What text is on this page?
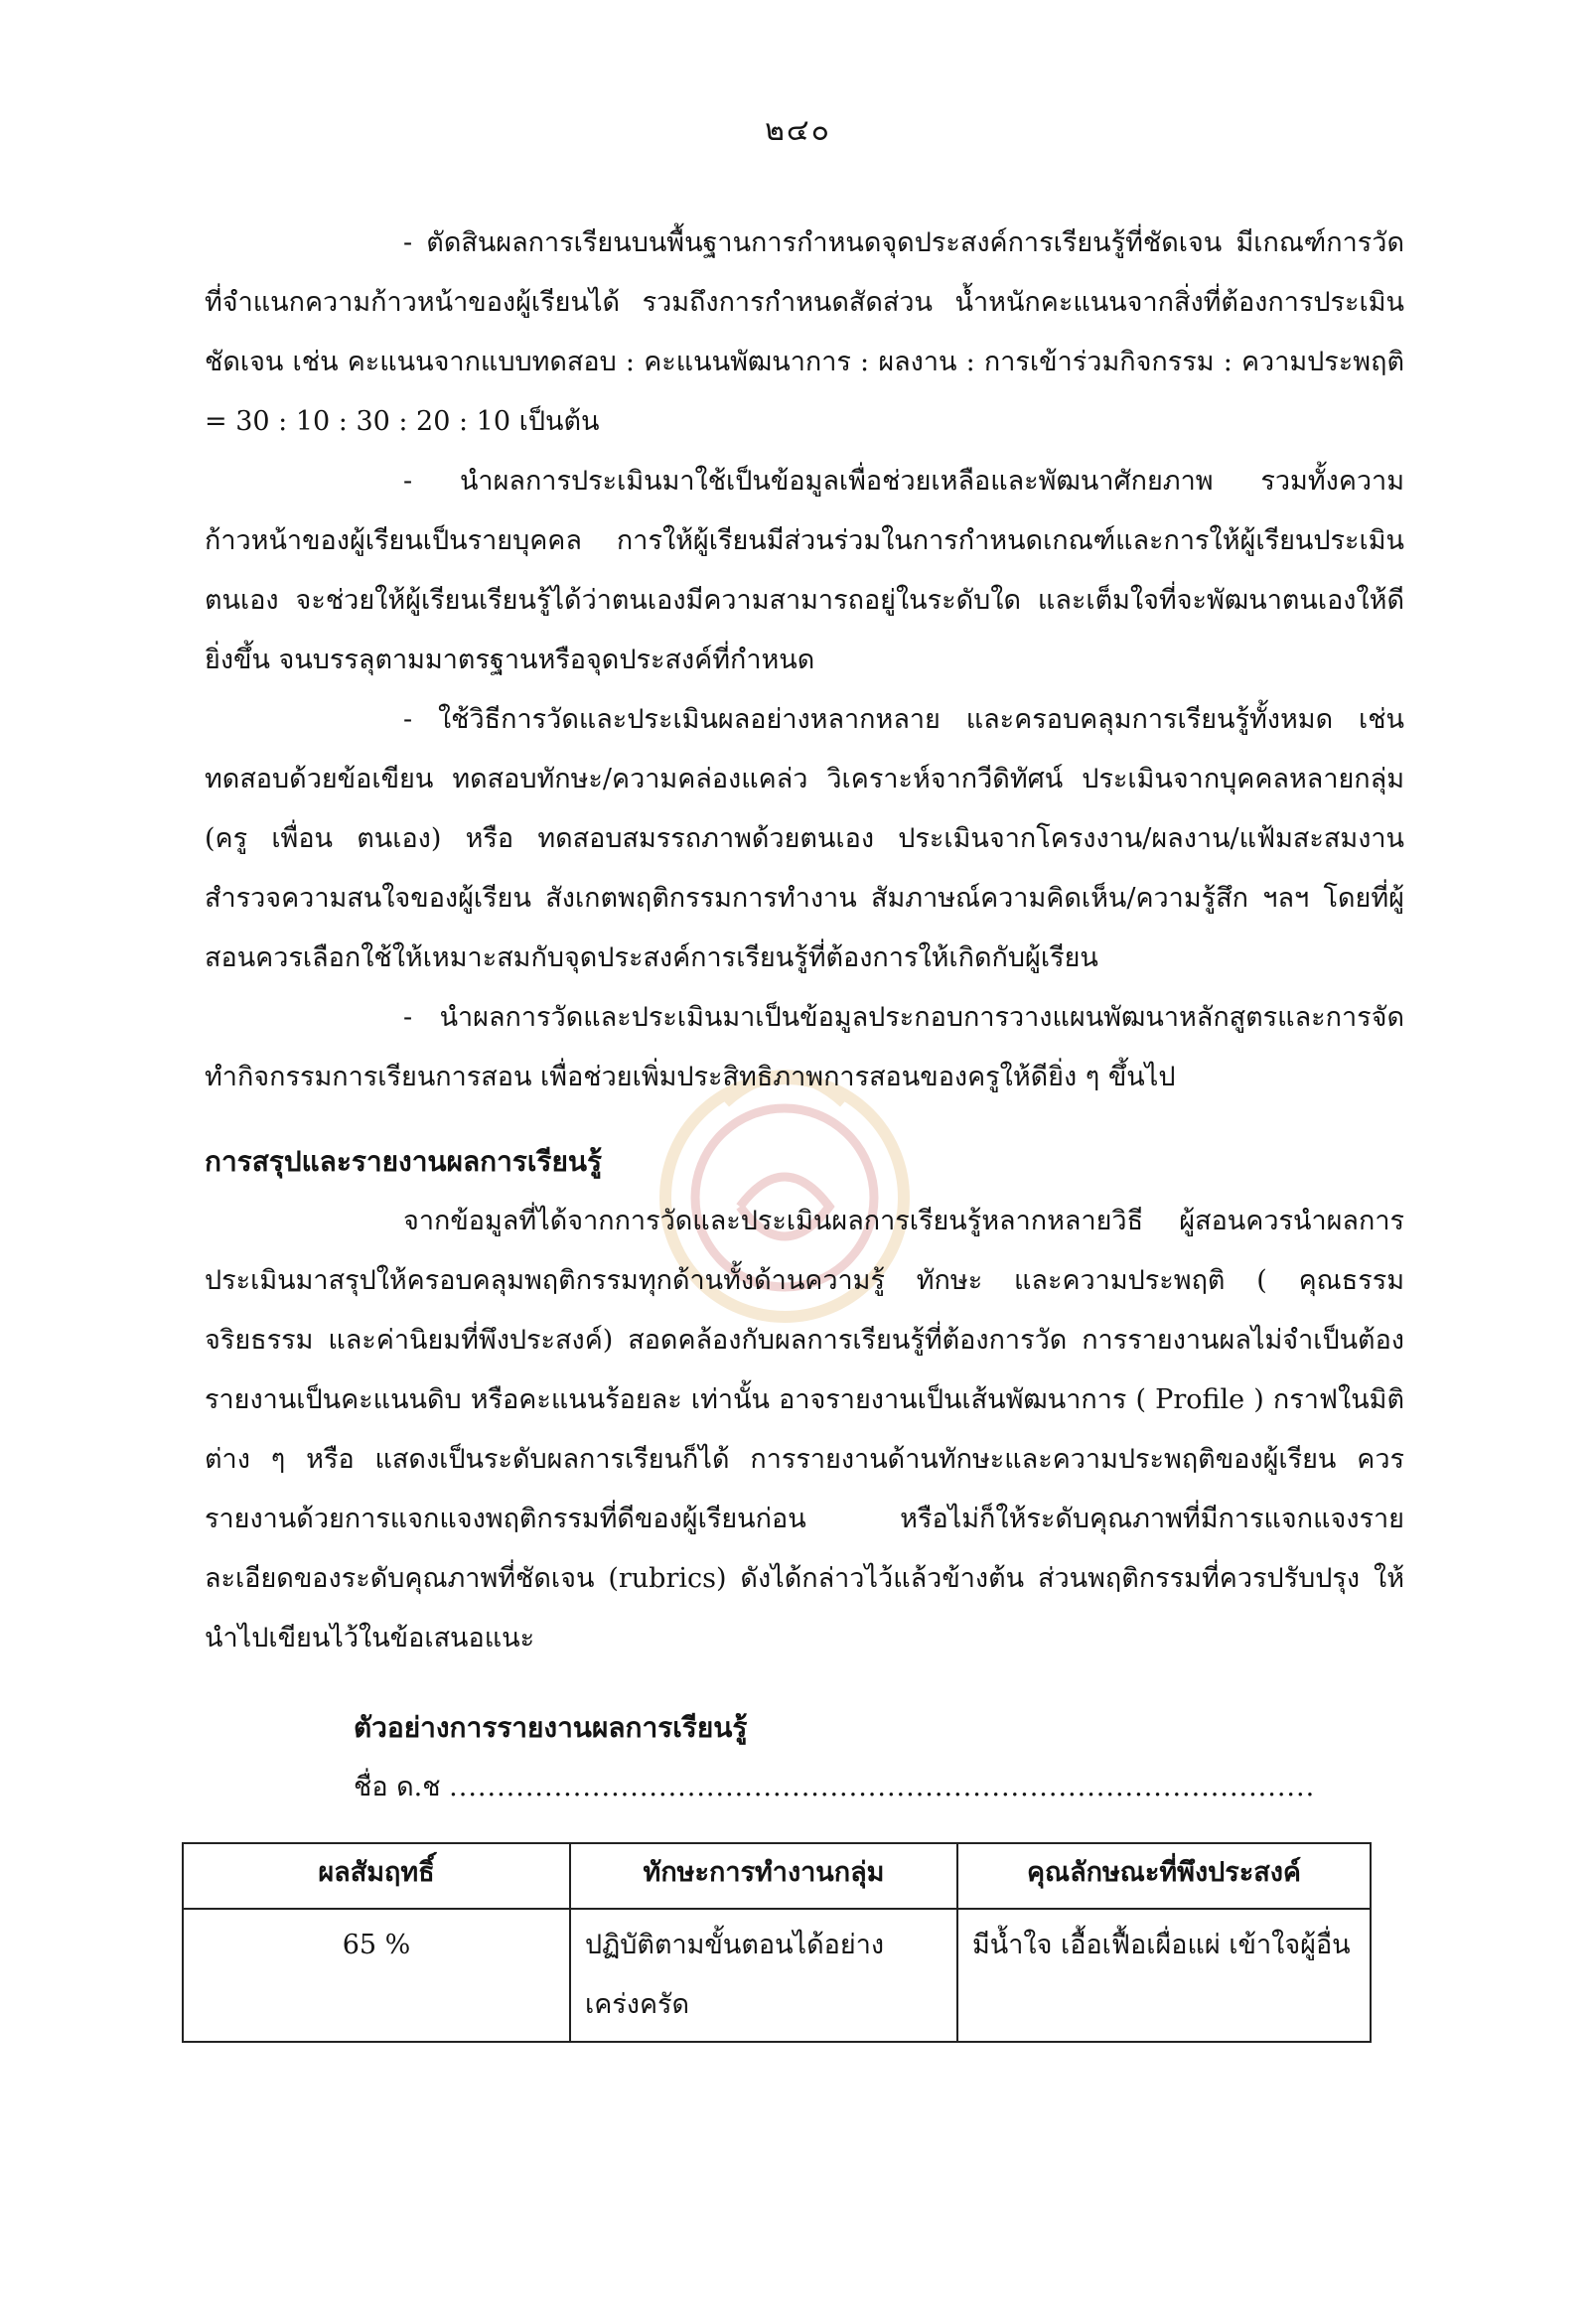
๒๔๐

- ตัดสินผลการเรียนบนพื้นฐานการกำหนดจุดประสงค์การเรียนรู้ที่ชัดเจน มีเกณฑ์การวัดที่จำแนกความก้าวหน้าของผู้เรียนได้ รวมถึงการกำหนดสัดส่วน น้ำหนักคะแนนจากสิ่งที่ต้องการประเมินชัดเจน เช่น คะแนนจากแบบทดสอบ : คะแนนพัฒนาการ : ผลงาน : การเข้าร่วมกิจกรรม : ความประพฤติ = 30 : 10 : 30 : 20 : 10 เป็นต้น

- นำผลการประเมินมาใช้เป็นข้อมูลเพื่อช่วยเหลือและพัฒนาศักยภาพ รวมทั้งความก้าวหน้าของผู้เรียนเป็นรายบุคคล การให้ผู้เรียนมีส่วนร่วมในการกำหนดเกณฑ์และการให้ผู้เรียนประเมินตนเอง จะช่วยให้ผู้เรียนเรียนรู้ได้ว่าตนเองมีความสามารถอยู่ในระดับใด และเต็มใจที่จะพัฒนาตนเองให้ดียิ่งขึ้น จนบรรลุตามมาตรฐานหรือจุดประสงค์ที่กำหนด

- ใช้วิธีการวัดและประเมินผลอย่างหลากหลาย และครอบคลุมการเรียนรู้ทั้งหมด เช่น ทดสอบด้วยข้อเขียน ทดสอบทักษะ/ความคล่องแคล่ว วิเคราะห์จากวีดิทัศน์ ประเมินจากบุคคลหลายกลุ่ม (ครู เพื่อน ตนเอง) หรือ ทดสอบสมรรถภาพด้วยตนเอง ประเมินจากโครงงาน/ผลงาน/แฟ้มสะสมงาน สำรวจความสนใจของผู้เรียน สังเกตพฤติกรรมการทำงาน สัมภาษณ์ความคิดเห็น/ความรู้สึก ฯลฯ โดยที่ผู้สอนควรเลือกใช้ให้เหมาะสมกับจุดประสงค์การเรียนรู้ที่ต้องการให้เกิดกับผู้เรียน

- นำผลการวัดและประเมินมาเป็นข้อมูลประกอบการวางแผนพัฒนาหลักสูตรและการจัดทำกิจกรรมการเรียนการสอน เพื่อช่วยเพิ่มประสิทธิภาพการสอนของครูให้ดียิ่ง ๆ ขึ้นไป

การสรุปและรายงานผลการเรียนรู้

จากข้อมูลที่ได้จากการวัดและประเมินผลการเรียนรู้หลากหลายวิธี ผู้สอนควรนำผลการประเมินมาสรุปให้ครอบคลุมพฤติกรรมทุกด้านทั้งด้านความรู้ ทักษะ และความประพฤติ ( คุณธรรมจริยธรรม และค่านิยมที่พึงประสงค์) สอดคล้องกับผลการเรียนรู้ที่ต้องการวัด การรายงานผลไม่จำเป็นต้องรายงานเป็นคะแนนดิบ หรือคะแนนร้อยละ เท่านั้น อาจรายงานเป็นเส้นพัฒนาการ ( Profile ) กราฟในมิติต่าง ๆ หรือ แสดงเป็นระดับผลการเรียนก็ได้ การรายงานด้านทักษะและความประพฤติของผู้เรียน ควรรายงานด้วยการแจกแจงพฤติกรรมที่ดีของผู้เรียนก่อน หรือไม่ก็ให้ระดับคุณภาพที่มีการแจกแจงรายละเอียดของระดับคุณภาพที่ชัดเจน (rubrics) ดังได้กล่าวไว้แล้วข้างต้น ส่วนพฤติกรรมที่ควรปรับปรุง ให้นำไปเขียนไว้ในข้อเสนอแนะ

ตัวอย่างการรายงานผลการเรียนรู้

ชื่อ ด.ช ...........................................................................................

ผลสัมฤทธิ์	ทักษะการทำงานกลุ่ม	คุณลักษณะที่พึงประสงค์
65 %	ปฏิบัติตามขั้นตอนได้อย่างเคร่งครัด	มีน้ำใจ เอื้อเฟื้อเผื่อแผ่ เข้าใจผู้อื่น
